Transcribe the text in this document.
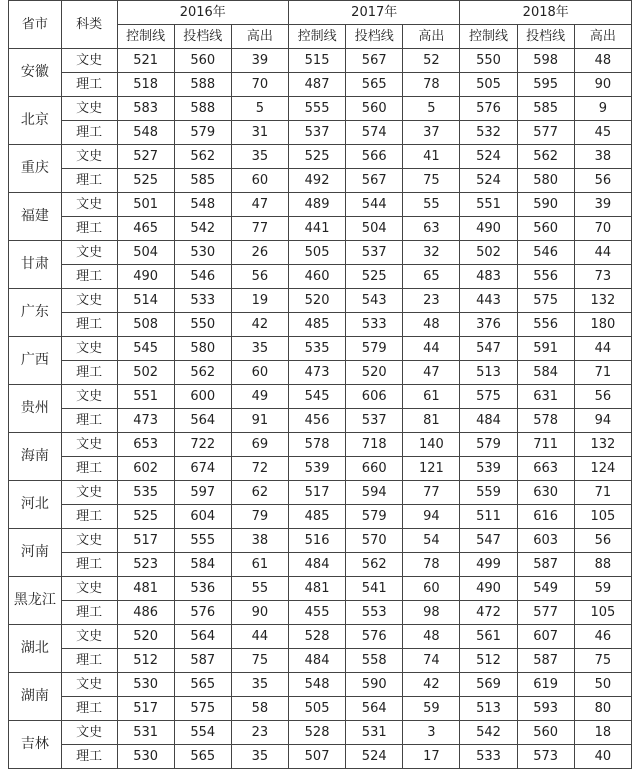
省市	科类	2016年			2017年			2018年		
		控制线	投档线	高出	控制线	投档线	高出	控制线	投档线	高出
安徽	文史	521	560	39	515	567	52	550	598	48
	理工	518	588	70	487	565	78	505	595	90
北京	文史	583	588	5	555	560	5	576	585	9
	理工	548	579	31	537	574	37	532	577	45
重庆	文史	527	562	35	525	566	41	524	562	38
	理工	525	585	60	492	567	75	524	580	56
福建	文史	501	548	47	489	544	55	551	590	39
	理工	465	542	77	441	504	63	490	560	70
甘肃	文史	504	530	26	505	537	32	502	546	44
	理工	490	546	56	460	525	65	483	556	73
广东	文史	514	533	19	520	543	23	443	575	132
	理工	508	550	42	485	533	48	376	556	180
广西	文史	545	580	35	535	579	44	547	591	44
	理工	502	562	60	473	520	47	513	584	71
贵州	文史	551	600	49	545	606	61	575	631	56
	理工	473	564	91	456	537	81	484	578	94
海南	文史	653	722	69	578	718	140	579	711	132
	理工	602	674	72	539	660	121	539	663	124
河北	文史	535	597	62	517	594	77	559	630	71
	理工	525	604	79	485	579	94	511	616	105
河南	文史	517	555	38	516	570	54	547	603	56
	理工	523	584	61	484	562	78	499	587	88
黑龙江	文史	481	536	55	481	541	60	490	549	59
	理工	486	576	90	455	553	98	472	577	105
湖北	文史	520	564	44	528	576	48	561	607	46
	理工	512	587	75	484	558	74	512	587	75
湖南	文史	530	565	35	548	590	42	569	619	50
	理工	517	575	58	505	564	59	513	593	80
吉林	文史	531	554	23	528	531	3	542	560	18
	理工	530	565	35	507	524	17	533	573	40
